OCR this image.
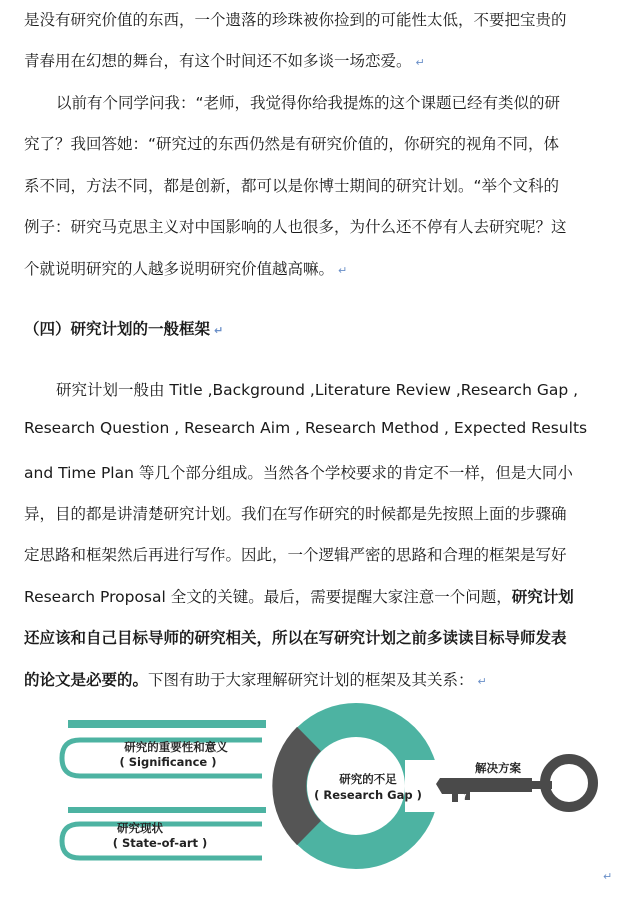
是没有研究价值的东西，一个遗落的珍珠被你捡到的可能性太低，不要把宝贵的
青春用在幻想的舞台，有这个时间还不如多谈一场恋爱。 ↵
以前有个同学问我：“老师，我觉得你给我提炼的这个课题已经有类似的研
究了？我回答她：“研究过的东西仍然是有研究价值的，你研究的视角不同，体
系不同，方法不同，都是创新，都可以是你博士期间的研究计划。“举个文科的
例子：研究马克思主义对中国影响的人也很多，为什么还不停有人去研究呢？这
个就说明研究的人越多说明研究价值越高嘛。 ↵
（四）研究计划的一般框架 ↵
研究计划一般由 Title ,Background ,Literature Review ,Research Gap ,
Research Question , Research Aim , Research Method , Expected Results
and Time Plan 等几个部分组成。当然各个学校要求的肯定不一样，但是大同小
异，目的都是讲清楚研究计划。我们在写作研究的时候都是先按照上面的步骤确
定思路和框架然后再进行写作。因此，一个逻辑严密的思路和合理的框架是写好
Research Proposal 全文的关键。最后，需要提醒大家注意一个问题，研究计划
还应该和自己目标导师的研究相关，所以在写研究计划之前多读读目标导师发表
的论文是必要的。下图有助于大家理解研究计划的框架及其关系： ↵
研究的重要性和意义
( Significance )
研究现状
( State-of-art )
研究的不足
( Research Gap )
解决方案
( Solution )
↵
